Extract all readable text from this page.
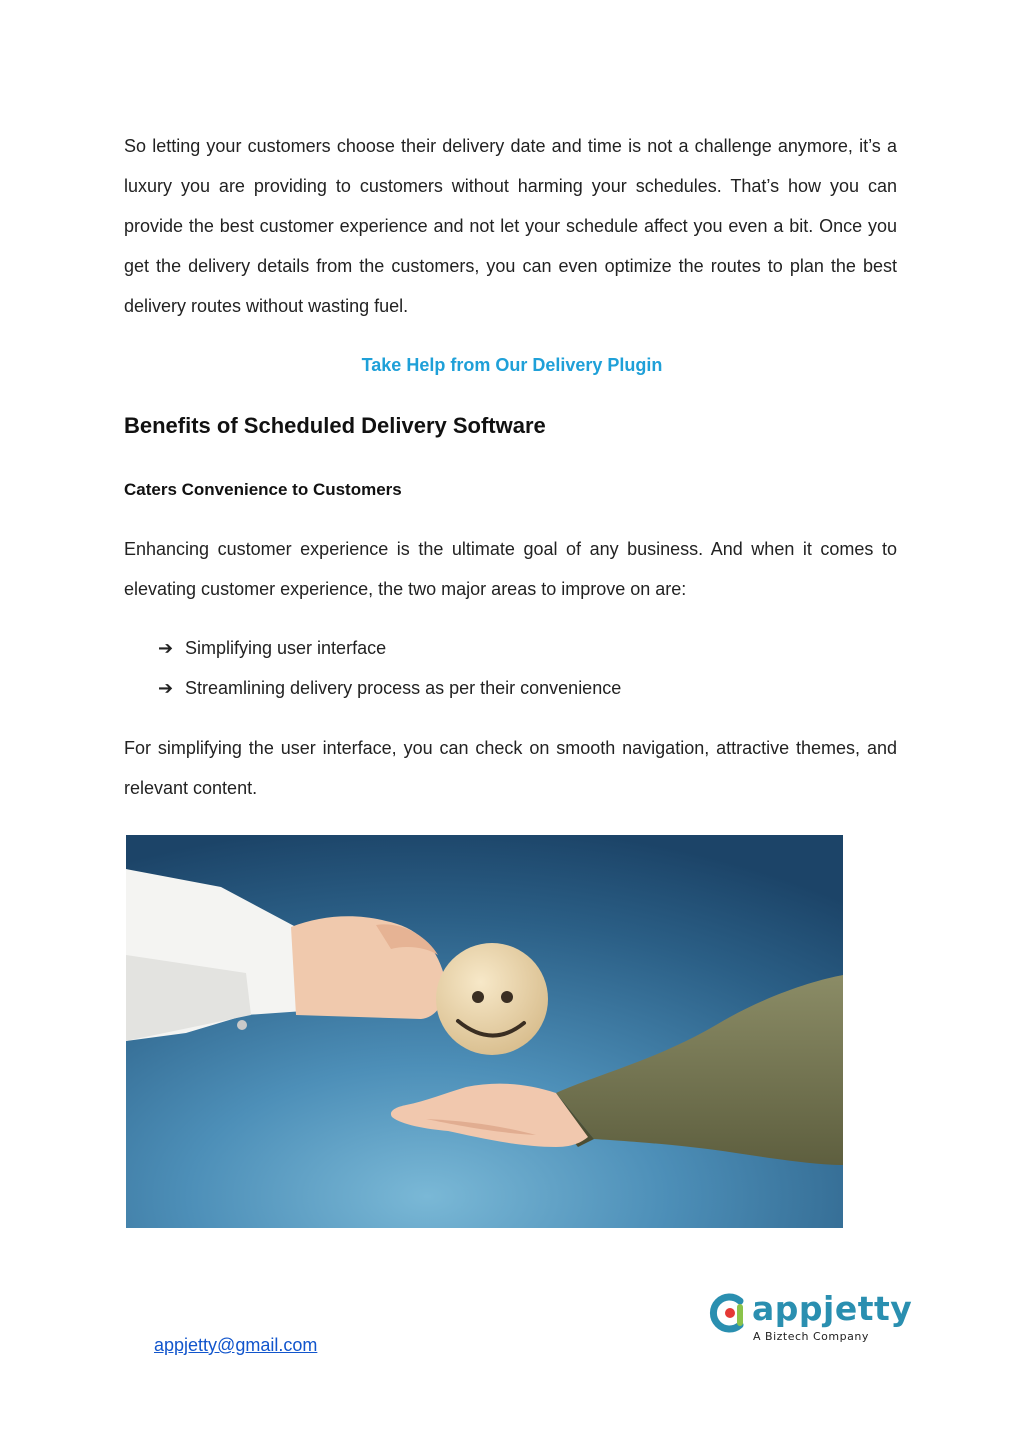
So letting your customers choose their delivery date and time is not a challenge anymore, it’s a luxury you are providing to customers without harming your schedules. That’s how you can provide the best customer experience and not let your schedule affect you even a bit. Once you get the delivery details from the customers, you can even optimize the routes to plan the best delivery routes without wasting fuel.

Take Help from Our Delivery Plugin
Benefits of Scheduled Delivery Software
Caters Convenience to Customers

Enhancing customer experience is the ultimate goal of any business. And when it comes to elevating customer experience, the two major areas to improve on are:

➔ Simplifying user interface
➔ Streamlining delivery process as per their convenience

For simplifying the user interface, you can check on smooth navigation, attractive themes, and relevant content.

appjetty
A Biztech Company
appjetty@gmail.com
